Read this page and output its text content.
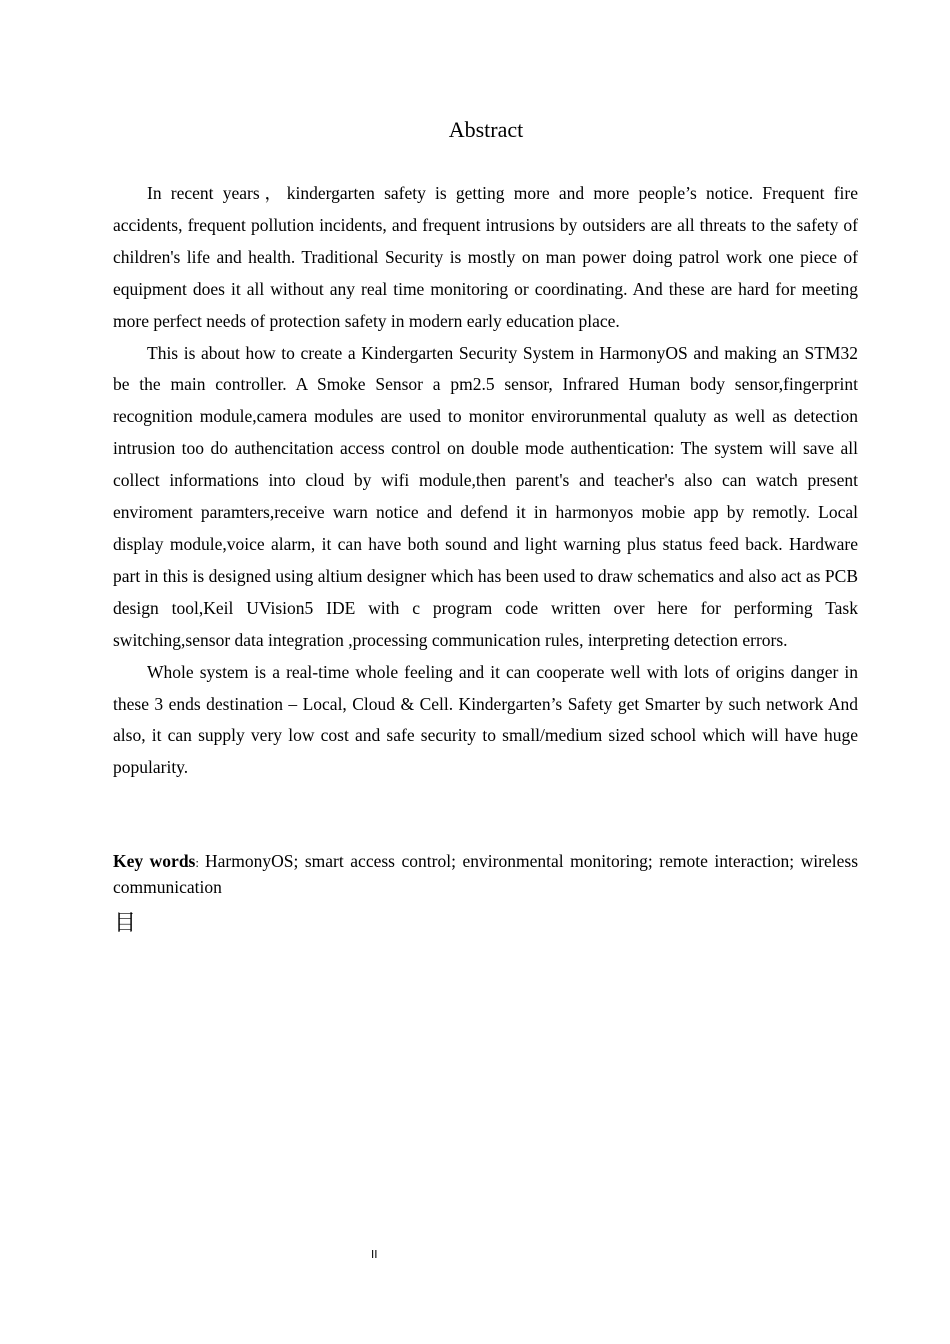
Abstract

In recent years，kindergarten safety is getting more and more people’s notice. Frequent fire accidents, frequent pollution incidents, and frequent intrusions by outsiders are all threats to the safety of children's life and health. Traditional Security is mostly on man power doing patrol work one piece of equipment does it all without any real time monitoring or coordinating. And these are hard for meeting more perfect needs of protection safety in modern early education place.

This is about how to create a Kindergarten Security System in HarmonyOS and making an STM32 be the main controller. A Smoke Sensor a pm2.5 sensor, Infrared Human body sensor,fingerprint recognition module,camera modules are used to monitor envirorunmental qualuty as well as detection intrusion too do authencitation access control on double mode authentication: The system will save all collect informations into cloud by wifi module,then parent's and teacher's also can watch present enviroment paramters,receive warn notice and defend it in harmonyos mobie app by remotly. Local display module,voice alarm, it can have both sound and light warning plus status feed back. Hardware part in this is designed using altium designer which has been used to draw schematics and also act as PCB design tool,Keil UVision5 IDE with c program code written over here for performing Task switching,sensor data integration ,processing communication rules, interpreting detection errors.

Whole system is a real-time whole feeling and it can cooperate well with lots of origins danger in these 3 ends destination – Local, Cloud & Cell. Kindergarten’s Safety get Smarter by such network And also, it can supply very low cost and safe security to small/medium sized school which will have huge popularity.

Key words: HarmonyOS; smart access control; environmental monitoring; remote interaction; wireless communication
目
II
